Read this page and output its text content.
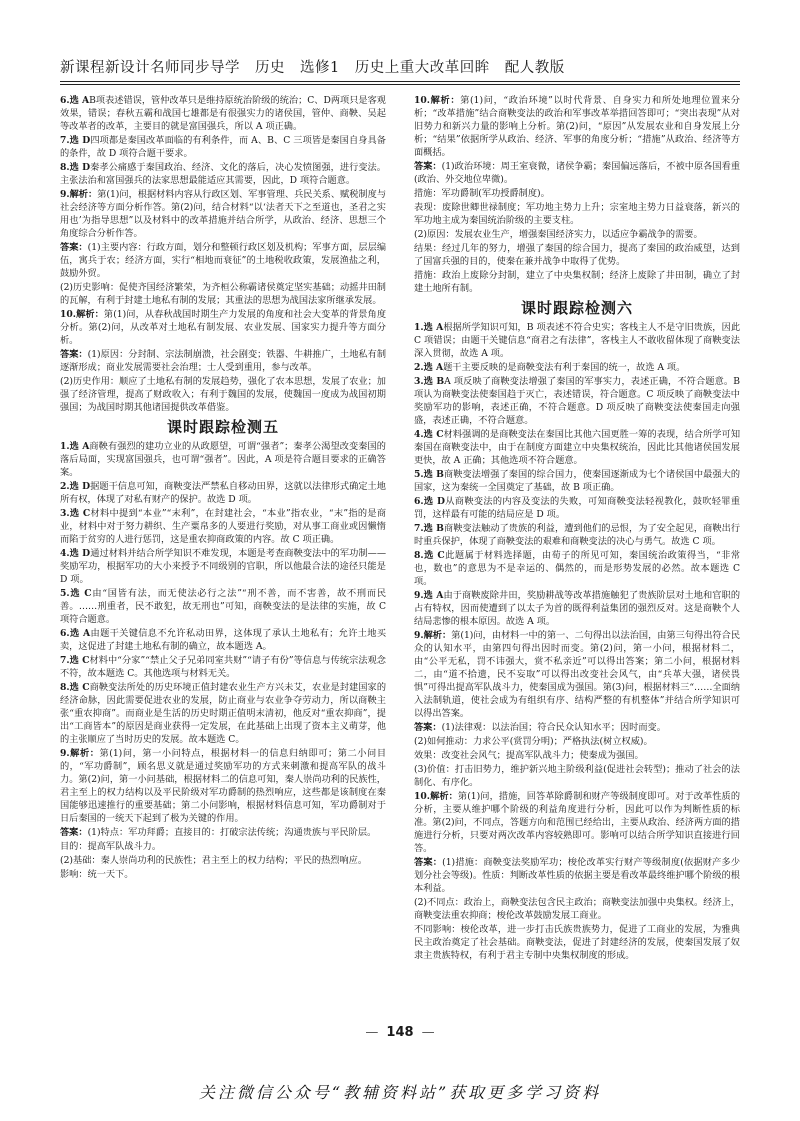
新课程新设计名师同步导学　历史　选修1　历史上重大改革回眸　配人教版

6.选 AB项表述错误，管仲改革只是维持原统治阶级的统治；C、D两项只是客观效果，错误；春秋五霸和战国七雄都是有很强实力的诸侯国，管仲、商鞅、吴起等改革者的改革，主要目的就是富国强兵，所以 A 项正确。

7.选 D四项都是秦国改革面临的有利条件，而 A、B、C 三项皆是秦国自身具备的条件，故 D 项符合题干要求。

8.选 D秦孝公痛感于秦国政治、经济、文化的落后，决心发愤图强，进行变法。主张法治和富国强兵的法家思想最能适应其需要，因此，D 项符合题意。

9.解析：第(1)问，根据材料内容从行政区划、军事管理、兵民关系、赋税制度与社会经济等方面分析作答。第(2)问，结合材料“以‘法者天下之至道也，圣君之实用也’为指导思想”以及材料中的改革措施并结合所学，从政治、经济、思想三个角度综合分析作答。

答案：(1)主要内容：行政方面，划分和整顿行政区划及机构；军事方面，层层编伍，寓兵于农；经济方面，实行“相地而衰征”的土地税收政策，发展渔盐之利，鼓励外贸。

(2)历史影响：促使齐国经济繁荣，为齐桓公称霸诸侯奠定坚实基础；动摇井田制的瓦解，有利于封建土地私有制的发展；其重法的思想为战国法家所继承发展。

10.解析：第(1)问，从春秋战国时期生产力发展的角度和社会大变革的背景角度分析。第(2)问，从改革对土地私有制发展、农业发展、国家实力提升等方面分析。

答案：(1)原因：分封制、宗法制崩溃，社会剧变；铁器、牛耕推广，土地私有制逐渐形成；商业发展需要社会治理；士人受到重用，参与改革。

(2)历史作用：顺应了土地私有制的发展趋势，强化了农本思想，发展了农业；加强了经济管理，提高了财政收入；有利于魏国的发展，使魏国一度成为战国初期强国；为战国时期其他诸国提供改革借鉴。

课时跟踪检测五

1.选 A商鞅有强烈的建功立业的从政愿望，可谓“强者”；秦孝公渴望改变秦国的落后局面，实现富国强兵，也可谓“强者”。因此，A 项是符合题目要求的正确答案。

2.选 D据题干信息可知，商鞅变法严禁私自移动田界，这就以法律形式确定土地所有权，体现了对私有财产的保护。故选 D 项。

3.选 C材料中提到“本业”“末利”，在封建社会，“本业”指农业，“末”指的是商业，材料中对于努力耕织、生产粟帛多的人要进行奖励，对从事工商业或因懒惰而陷于贫穷的人进行惩罚，这是重农抑商政策的内容。故 C 项正确。

4.选 D通过材料并结合所学知识不难发现，本题是考查商鞅变法中的军功制——奖励军功，根据军功的大小来授予不同级别的官职，所以他最合法的途径只能是 D 项。

5.选 C由“国皆有法，而无使法必行之法”“刑不善，而不害善，故不刑而民善。……刑重者，民不敢犯，故无刑也”可知，商鞅变法的是法律的实施，故 C 项符合题意。

6.选 A由题干关键信息不允许私动田界，这体现了承认土地私有；允许土地买卖，这促进了封建土地私有制的确立，故本题选 A。

7.选 C材料中“分家”“禁止父子兄弟同室共财”“请子有份”等信息与传统宗法观念不符，故本题选 C。其他选项与材料无关。

8.选 C商鞅变法所处的历史环境正值封建农业生产方兴未艾，农业是封建国家的经济命脉，因此需要促进农业的发展，防止商业与农业争夺劳动力，所以商鞅主张“重农抑商”。而商业是生活的历史时期正值明末清初，他反对“重农抑商”，提出“工商皆本”的原因是商业获得一定发展，在此基础上出现了资本主义萌芽，他的主张顺应了当时历史的发展。故本题选 C。

9.解析：第(1)问，第一小问特点，根据材料一的信息归纳即可；第二小问目的，“军功爵制”，顾名思义就是通过奖励军功的方式来刺激和提高军队的战斗力。第(2)问，第一小问基础，根据材料二的信息可知，秦人崇尚功利的民族性，君主至上的权力结构以及平民阶级对军功爵制的热烈响应，这些都是该制度在秦国能够迅速推行的重要基础；第二小问影响，根据材料信息可知，军功爵制对于日后秦国的一统天下起到了极为关键的作用。

答案：(1)特点：军功拜爵；直接目的：打破宗法传统；沟通贵族与平民阶层。

目的：提高军队战斗力。

(2)基础：秦人崇尚功利的民族性；君主至上的权力结构；平民的热烈响应。

影响：统一天下。

10.解析：第(1)问，“政治环境”以时代背景、自身实力和所处地理位置来分析；“改革措施”结合商鞅变法的政治和军事改革举措回答即可；“突出表现”从对旧势力和新兴力量的影响上分析。第(2)问，“原因”从发展农业和自身发展上分析；“结果”依据所学从政治、经济、军事的角度分析；“措施”从政治、经济等方面概括。

答案：(1)政治环境：周王室衰微，诸侯争霸；秦国偏远落后，不被中原各国看重(政治、外交地位卑微)。

措施：军功爵制(军功授爵制度)。

表现：废除世卿世禄制度；军功地主势力上升；宗室地主势力日益衰落，新兴的军功地主成为秦国统治阶级的主要支柱。

(2)原因：发展农业生产，增强秦国经济实力，以适应争霸战争的需要。

结果：经过几年的努力，增强了秦国的综合国力，提高了秦国的政治威望，达到了国富兵强的目的，使秦在兼并战争中取得了优势。

措施：政治上废除分封制，建立了中央集权制；经济上废除了井田制，确立了封建土地所有制。

课时跟踪检测六

1.选 A根据所学知识可知，B 项表述不符合史实；客栈主人不是守旧贵族，因此 C 项错误；由题干关键信息“商君之有法律”，客栈主人不敢收留体现了商鞅变法深入贯彻，故选 A 项。

2.选 A题干主要反映的是商鞅变法有利于秦国的统一，故选 A 项。

3.选 BA 项反映了商鞅变法增强了秦国的军事实力，表述正确，不符合题意。B 项认为商鞅变法使秦国趋于灭亡，表述错误，符合题意。C 项反映了商鞅变法中奖励军功的影响，表述正确，不符合题意。D 项反映了商鞅变法使秦国走向强盛，表述正确，不符合题意。

4.选 C材料强调的是商鞅变法在秦国比其他六国更胜一筹的表现，结合所学可知秦国在商鞅变法中，由于在制度方面建立中央集权统治，因此比其他诸侯国发展更快，故 A 正确；其他选项不符合题意。

5.选 B商鞅变法增强了秦国的综合国力，使秦国逐渐成为七个诸侯国中最强大的国家，这为秦统一全国奠定了基础，故 B 项正确。

6.选 D从商鞅变法的内容及变法的失败，可知商鞅变法轻视教化，鼓吹轻罪重罚，这样最有可能的结局应是 D 项。

7.选 B商鞅变法触动了贵族的利益，遭到他们的忌恨，为了安全起见，商鞅出行时重兵保护，体现了商鞅变法的艰难和商鞅变法的决心与勇气。故选 C 项。

8.选 C此题属于材料选择题，由荀子的所见可知，秦国统治政策得当，“非常也，数也”的意思为不是幸运的、偶然的，而是形势发展的必然。故本题选 C 项。

9.选 A由于商鞅废除井田，奖励耕战等改革措施触犯了贵族阶层对土地和官职的占有特权，因而使遭到了以太子为首的既得利益集团的强烈反对。这是商鞅个人结局悲惨的根本原因。故选 A 项。

9.解析：第(1)问，由材料一中的第一、二句得出以法治国，由第三句得出符合民众的认知水平，由第四句得出因时而变。第(2)问，第一小问，根据材料二，由“公平无私，罚不讳强大，赏不私亲近”可以得出答案；第二小问，根据材料二，由“道不拾遗，民不妄取”可以得出改变社会风气，由“兵革大强，诸侯畏惧”可得出提高军队战斗力，使秦国成为强国。第(3)问，根据材料三“……全面纳入法制轨道，使社会成为有组织有序、结构严整的有机整体”并结合所学知识可以得出答案。

答案：(1)法律观：以法治国；符合民众认知水平；因时而变。

(2)如何推动：力求公平(赏罚分明)；严格执法(树立权威)。

效果：改变社会风气；提高军队战斗力；使秦成为强国。

(3)价值：打击旧势力，维护新兴地主阶级利益(促进社会转型)；推动了社会的法制化、有序化。

10.解析：第(1)问，措施，回答革除爵制和财产等级制度即可。对于改革性质的分析，主要从维护哪个阶级的利益角度进行分析，因此可以作为判断性质的标准。第(2)问，不同点，答题方向和范围已经给出，主要从政治、经济两方面的措施进行分析，只要对两次改革内容较熟即可。影响可以结合所学知识直接进行回答。

答案：(1)措施：商鞅变法奖励军功；梭伦改革实行财产等级制度(依据财产多少划分社会等级)。性质：判断改革性质的依据主要是看改革最终维护哪个阶级的根本利益。

(2)不同点：政治上，商鞅变法包含民主政治；商鞅变法加强中央集权。经济上，商鞅变法重农抑商；梭伦改革鼓励发展工商业。

不同影响：梭伦改革，进一步打击氏族贵族势力，促进了工商业的发展，为雅典民主政治奠定了社会基础。商鞅变法，促进了封建经济的发展，使秦国发展了奴隶主贵族特权，有利于君主专制中央集权制度的形成。

— 148 —
关注微信公众号“教辅资料站”获取更多学习资料
